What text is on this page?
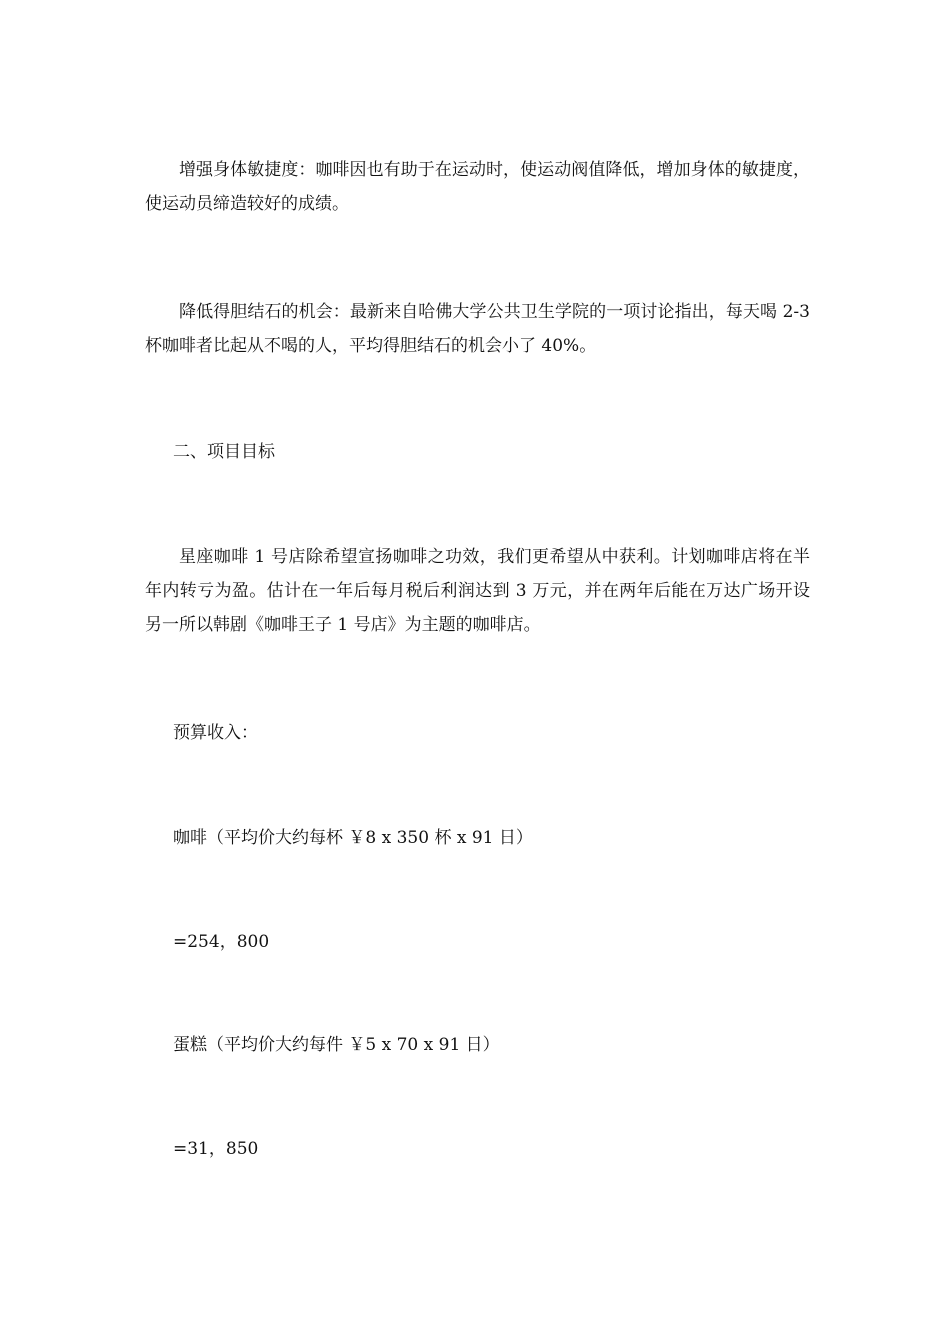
增强身体敏捷度：咖啡因也有助于在运动时，使运动阀值降低，增加身体的敏捷度，使运动员缔造较好的成绩。

降低得胆结石的机会：最新来自哈佛大学公共卫生学院的一项讨论指出，每天喝 2-3 杯咖啡者比起从不喝的人，平均得胆结石的机会小了 40%。

二、项目目标

星座咖啡 1 号店除希望宣扬咖啡之功效，我们更希望从中获利。计划咖啡店将在半年内转亏为盈。估计在一年后每月税后利润达到 3 万元，并在两年后能在万达广场开设另一所以韩剧《咖啡王子 1 号店》为主题的咖啡店。

预算收入：

咖啡（平均价大约每杯 ￥8 x 350 杯 x 91 日）

=254，800

蛋糕（平均价大约每件 ￥5 x 70 x 91 日）

=31，850
